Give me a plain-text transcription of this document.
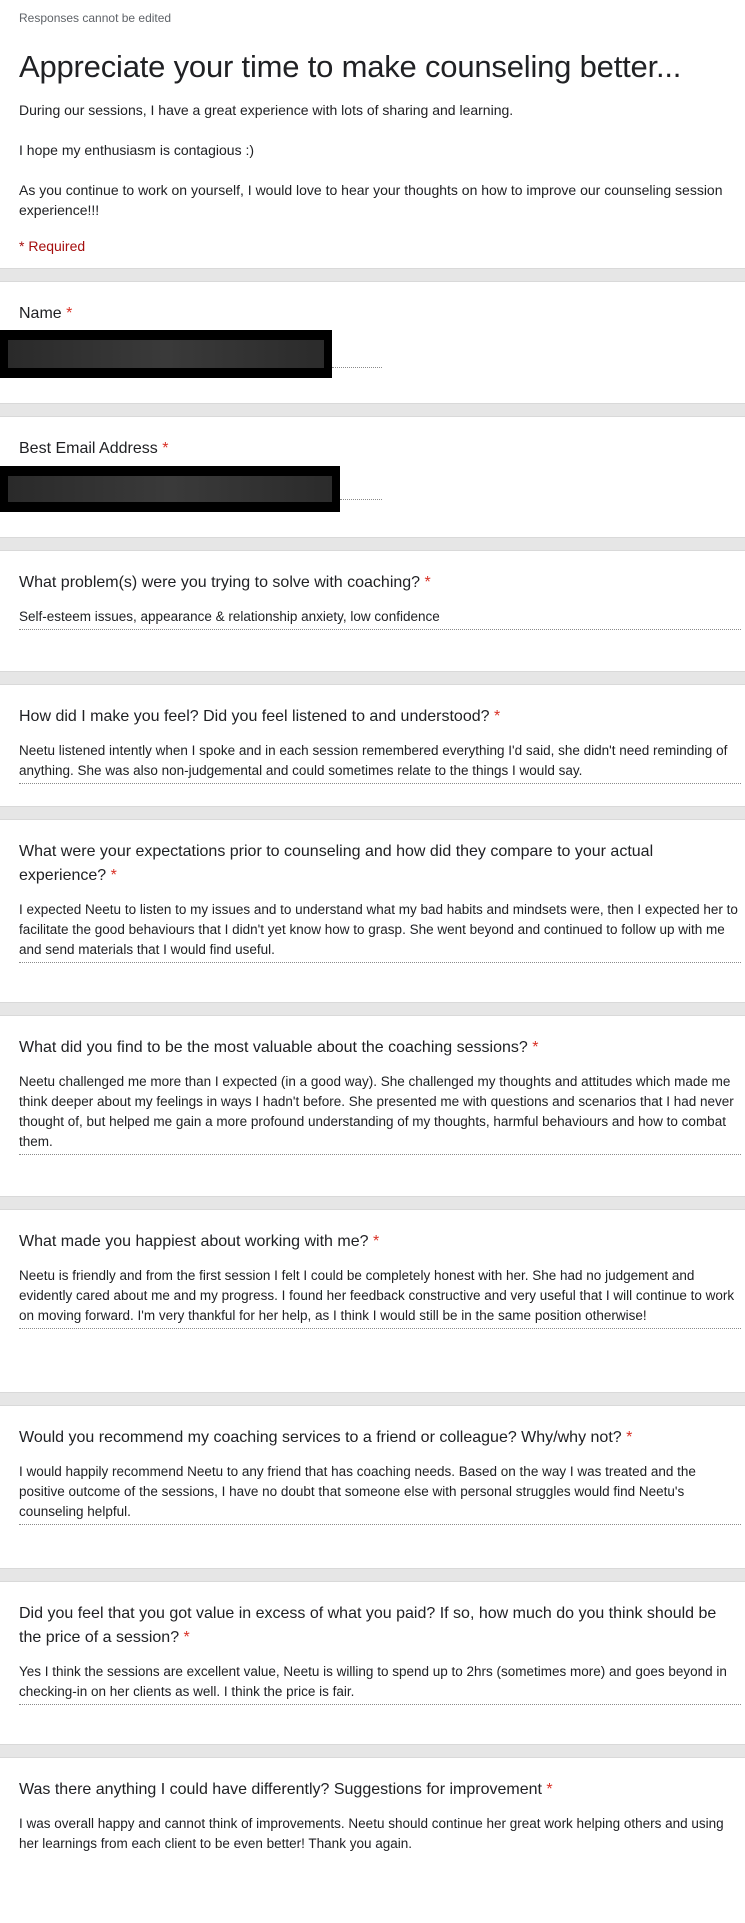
Responses cannot be edited
Appreciate your time to make counseling better...

During our sessions, I have a great experience with lots of sharing and learning.

I hope my enthusiasm is contagious :)

As you continue to work on yourself, I would love to hear your thoughts on how to improve our counseling session experience!!!

* Required
Name *
Best Email Address *
What problem(s) were you trying to solve with coaching? *
Self-esteem issues, appearance & relationship anxiety, low confidence
How did I make you feel? Did you feel listened to and understood? *
Neetu listened intently when I spoke and in each session remembered everything I'd said, she didn't need reminding of anything. She was also non-judgemental and could sometimes relate to the things I would say.
What were your expectations prior to counseling and how did they compare to your actual experience? *
I expected Neetu to listen to my issues and to understand what my bad habits and mindsets were, then I expected her to facilitate the good behaviours that I didn't yet know how to grasp. She went beyond and continued to follow up with me and send materials that I would find useful.
What did you find to be the most valuable about the coaching sessions? *
Neetu challenged me more than I expected (in a good way). She challenged my thoughts and attitudes which made me think deeper about my feelings in ways I hadn't before. She presented me with questions and scenarios that I had never thought of, but helped me gain a more profound understanding of my thoughts, harmful behaviours and how to combat them.
What made you happiest about working with me? *
Neetu is friendly and from the first session I felt I could be completely honest with her. She had no judgement and evidently cared about me and my progress. I found her feedback constructive and very useful that I will continue to work on moving forward. I'm very thankful for her help, as I think I would still be in the same position otherwise!
Would you recommend my coaching services to a friend or colleague? Why/why not? *
I would happily recommend Neetu to any friend that has coaching needs. Based on the way I was treated and the positive outcome of the sessions, I have no doubt that someone else with personal struggles would find Neetu's counseling helpful.
Did you feel that you got value in excess of what you paid? If so, how much do you think should be the price of a session? *
Yes I think the sessions are excellent value, Neetu is willing to spend up to 2hrs (sometimes more) and goes beyond in checking-in on her clients as well. I think the price is fair.
Was there anything I could have differently? Suggestions for improvement *
I was overall happy and cannot think of improvements. Neetu should continue her great work helping others and using her learnings from each client to be even better! Thank you again.
